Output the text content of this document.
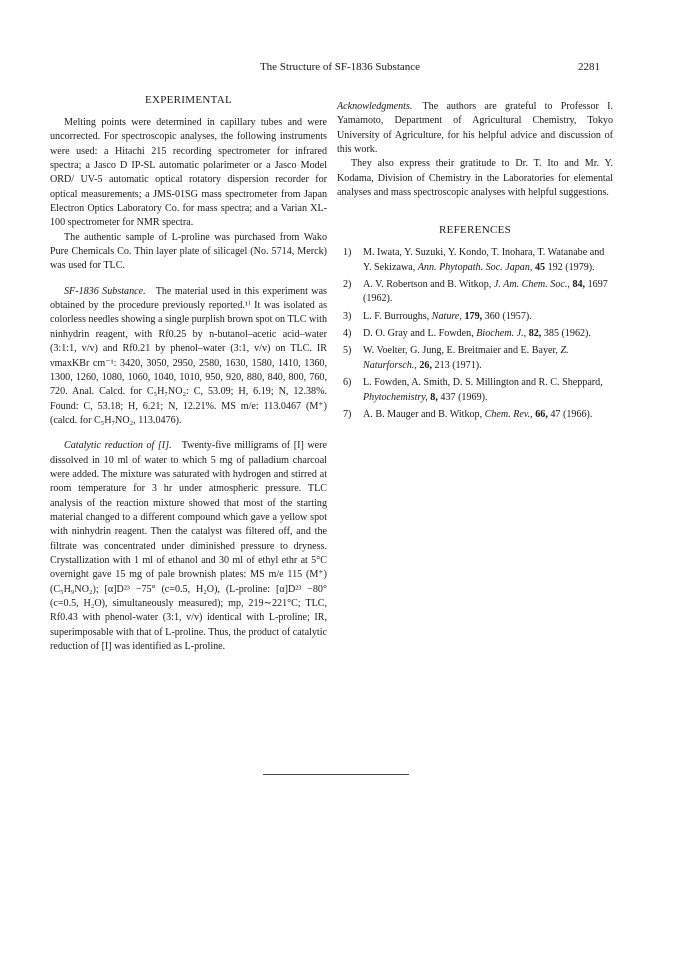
The Structure of SF-1836 Substance	2281
EXPERIMENTAL

Melting points were determined in capillary tubes and were uncorrected. For spectroscopic analyses, the following instruments were used: a Hitachi 215 recording spectrometer for infrared spectra; a Jasco D IP-SL automatic polarimeter or a Jasco Model ORD/ UV-5 automatic optical rotatory dispersion recorder for optical measurements; a JMS-01SG mass spectrometer from Japan Electron Optics Laboratory Co. for mass spectra; and a Varian XL-100 spectrometer for NMR spectra.

The authentic sample of L-proline was purchased from Wako Pure Chemicals Co. Thin layer plate of silicagel (No. 5714, Merck) was used for TLC.

SF-1836 Substance.  The material used in this experiment was obtained by the procedure previously reported.¹⁾ It was isolated as colorless needles showing a single purplish brown spot on TLC with ninhydrin reagent, with Rf0.25 by n-butanol–acetic acid–water (3:1:1, v/v) and Rf0.21 by phenol–water (3:1, v/v) on TLC. IR νmaxKBr cm⁻¹: 3420, 3050, 2950, 2580, 1630, 1580, 1410, 1360, 1300, 1260, 1080, 1060, 1040, 1010, 950, 920, 880, 840, 800, 760, 720. Anal. Calcd. for C₅H₇NO₂: C, 53.09; H, 6.19; N, 12.38%. Found: C, 53.18; H, 6.21; N, 12.21%. MS m/e: 113.0467 (M⁺) (calcd. for C₅H₇NO₂, 113.0476).

Catalytic reduction of [I].  Twenty-five milligrams of [I] were dissolved in 10 ml of water to which 5 mg of palladium charcoal were added. The mixture was saturated with hydrogen and stirred at room temperature for 3 hr under atmospheric pressure. TLC analysis of the reaction mixture showed that most of the starting material changed to a different compound which gave a yellow spot with ninhydrin reagent. Then the catalyst was filtered off, and the filtrate was concentrated under diminished pressure to dryness. Crystallization with 1 ml of ethanol and 30 ml of ethyl ethr at 5°C overnight gave 15 mg of pale brownish plates: MS m/e 115 (M⁺) (C₅H₉NO₂); [α]D²³ −75° (c=0.5, H₂O), (L-proline: [α]D²³ −80° (c=0.5, H₂O), simultaneously measured); mp, 219∼221°C; TLC, Rf0.43 with phenol-water (3:1, v/v) identical with L-proline; IR, superimposable with that of L-proline. Thus, the product of catalytic reduction of [I] was identified as L-proline.

Acknowledgments.  The authors are grateful to Professor I. Yamamoto, Department of Agricultural Chemistry, Tokyo University of Agriculture, for his helpful advice and discussion of this work.

They also express their gratitude to Dr. T. Ito and Mr. Y. Kodama, Division of Chemistry in the Laboratories for elemental analyses and mass spectroscopic analyses with helpful suggestions.

REFERENCES
1) M. Iwata, Y. Suzuki, Y. Kondo, T. Inohara, T. Watanabe and Y. Sekizawa, Ann. Phytopath. Soc. Japan, 45 192 (1979).
2) A. V. Robertson and B. Witkop, J. Am. Chem. Soc., 84, 1697 (1962).
3) L. F. Burroughs, Nature, 179, 360 (1957).
4) D. O. Gray and L. Fowden, Biochem. J., 82, 385 (1962).
5) W. Voelter, G. Jung, E. Breitmaier and E. Bayer, Z. Naturforsch., 26, 213 (1971).
6) L. Fowden, A. Smith, D. S. Millington and R. C. Sheppard, Phytochemistry, 8, 437 (1969).
7) A. B. Mauger and B. Witkop, Chem. Rev., 66, 47 (1966).
